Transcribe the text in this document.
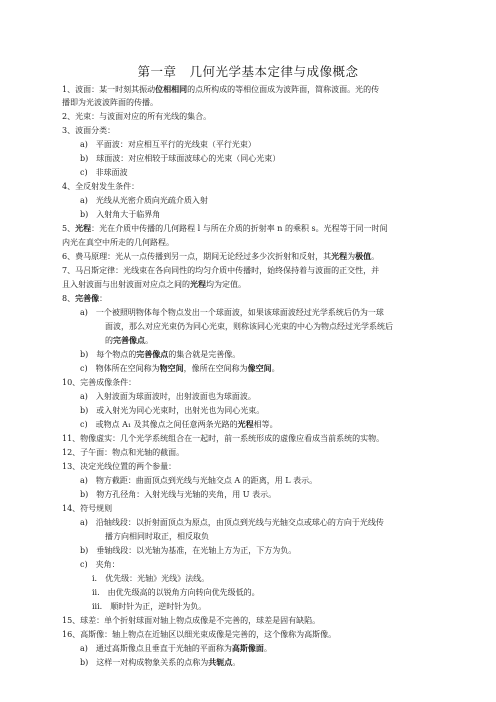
第一章　几何光学基本定律与成像概念
1、波面：某一时刻其振动位相相同的点所构成的等相位面成为波阵面，简称波面。光的传
播即为光波波阵面的传播。
2、光束：与波面对应的所有光线的集合。
3、波面分类：
a)　平面波：对应相互平行的光线束（平行光束）
b)　球面波：对应相较于球面波球心的光束（同心光束）
c)　非球面波
4、全反射发生条件：
a)　光线从光密介质向光疏介质入射
b)　入射角大于临界角
5、光程：光在介质中传播的几何路程 l 与所在介质的折射率 n 的乘积 s。光程等于同一时间
内光在真空中所走的几何路程。
6、费马原理：光从一点传播到另一点，期间无论经过多少次折射和反射，其光程为极值。
7、马吕斯定律：光线束在各向同性的均匀介质中传播时，始终保持着与波面的正交性，并
且入射波面与出射波面对应点之间的光程均为定值。
8、完善像：
a)　一个被照明物体每个物点发出一个球面波，如果该球面波经过光学系统后仍为一球
面波，那么对应光束仍为同心光束，则称该同心光束的中心为物点经过光学系统后
的完善像点。
b)　每个物点的完善像点的集合就是完善像。
c)　物体所在空间称为物空间，像所在空间称为像空间。
10、完善成像条件：
a)　入射波面为球面波时，出射波面也为球面波。
b)　或入射光为同心光束时，出射光也为同心光束。
c)　或物点 A₁ 及其像点之间任意两条光路的光程相等。
11、物像虚实：几个光学系统组合在一起时，前一系统形成的虚像应看成当前系统的实物。
12、子午面：物点和光轴的截面。
13、决定光线位置的两个参量：
a)　物方截距：曲面顶点到光线与光轴交点 A 的距离，用 L 表示。
b)　物方孔径角：入射光线与光轴的夹角，用 U 表示。
14、符号规则
a)　沿轴线段：以折射面顶点为原点，由顶点到光线与光轴交点或球心的方向于光线传
播方向相同时取正，相反取负
b)　垂轴线段：以光轴为基准，在光轴上方为正，下方为负。
c)　夹角：
i.　优先级：光轴》光线》法线。
ii.　由优先级高的以锐角方向转向优先级低的。
iii.　顺时针为正，逆时针为负。
15、球差：单个折射球面对轴上物点成像是不完善的，球差是固有缺陷。
16、高斯像：轴上物点在近轴区以细光束成像是完善的，这个像称为高斯像。
a)　通过高斯像点且垂直于光轴的平面称为高斯像面。
b)　这样一对构成物象关系的点称为共轭点。
